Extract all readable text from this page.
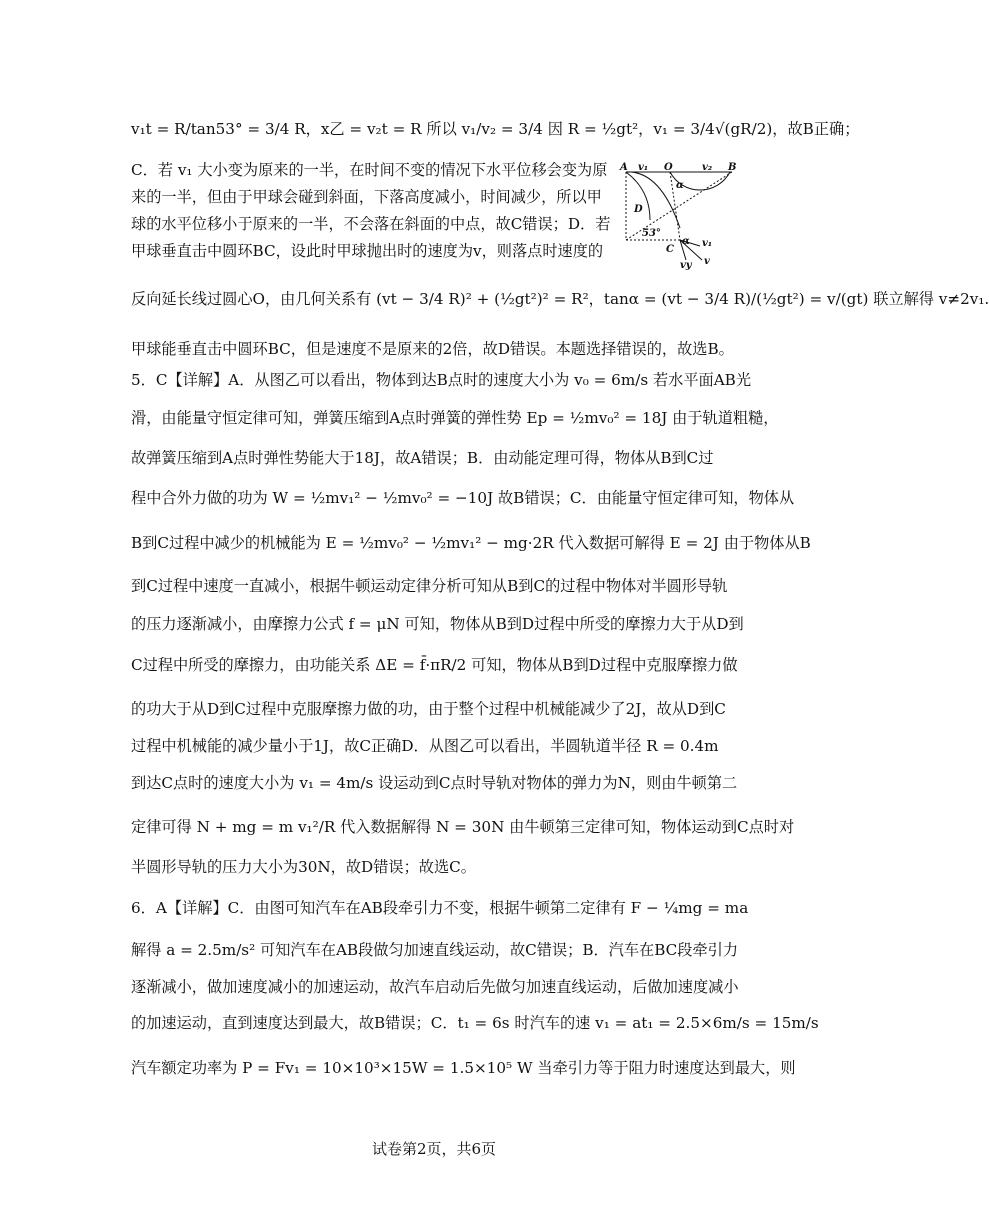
v₁t = R/tan53° = 3/4 R，x乙 = v₂t = R 所以 v₁/v₂ = 3/4 因 R = ½gt²，v₁ = 3/4√(gR/2)，故B正确；
C．若 v₁ 大小变为原来的一半，在时间不变的情况下水平位移会变为原
来的一半，但由于甲球会碰到斜面，下落高度减小，时间减少，所以甲
球的水平位移小于原来的一半，不会落在斜面的中点，故C错误；D．若
甲球垂直击中圆环BC，设此时甲球抛出时的速度为v，则落点时速度的
反向延长线过圆心O，由几何关系有 (vt − 3/4 R)² + (½gt²)² = R²，tanα = (vt − 3/4 R)/(½gt²) = v/(gt) 联立解得 v≠2v₁.
甲球能垂直击中圆环BC，但是速度不是原来的2倍，故D错误。本题选择错误的，故选B。
5．C【详解】A．从图乙可以看出，物体到达B点时的速度大小为 v₀ = 6m/s 若水平面AB光
滑，由能量守恒定律可知，弹簧压缩到A点时弹簧的弹性势 Ep = ½mv₀² = 18J 由于轨道粗糙，
故弹簧压缩到A点时弹性势能大于18J，故A错误；B．由动能定理可得，物体从B到C过
程中合外力做的功为 W = ½mv₁² − ½mv₀² = −10J 故B错误；C．由能量守恒定律可知，物体从
B到C过程中减少的机械能为 E = ½mv₀² − ½mv₁² − mg·2R 代入数据可解得 E = 2J 由于物体从B
到C过程中速度一直减小，根据牛顿运动定律分析可知从B到C的过程中物体对半圆形导轨
的压力逐渐减小，由摩擦力公式 f = μN 可知，物体从B到D过程中所受的摩擦力大于从D到
C过程中所受的摩擦力，由功能关系 ΔE = f̄·πR/2 可知，物体从B到D过程中克服摩擦力做
的功大于从D到C过程中克服摩擦力做的功，由于整个过程中机械能减少了2J，故从D到C
过程中机械能的减少量小于1J，故C正确D．从图乙可以看出，半圆轨道半径 R = 0.4m
到达C点时的速度大小为 v₁ = 4m/s 设运动到C点时导轨对物体的弹力为N，则由牛顿第二
定律可得 N + mg = m v₁²/R 代入数据解得 N = 30N 由牛顿第三定律可知，物体运动到C点时对
半圆形导轨的压力大小为30N，故D错误；故选C。
6．A【详解】C．由图可知汽车在AB段牵引力不变，根据牛顿第二定律有 F − ¼mg = ma
解得 a = 2.5m/s² 可知汽车在AB段做匀加速直线运动，故C错误；B．汽车在BC段牵引力
逐渐减小，做加速度减小的加速运动，故汽车启动后先做匀加速直线运动，后做加速度减小
的加速运动，直到速度达到最大，故B错误；C．t₁ = 6s 时汽车的速 v₁ = at₁ = 2.5×6m/s = 15m/s
汽车额定功率为 P = Fv₁ = 10×10³×15W = 1.5×10⁵ W 当牵引力等于阻力时速度达到最大，则
A v₁ O	v₂ B
α
D
53°
C
α v₁
vy v
试卷第2页，共6页
